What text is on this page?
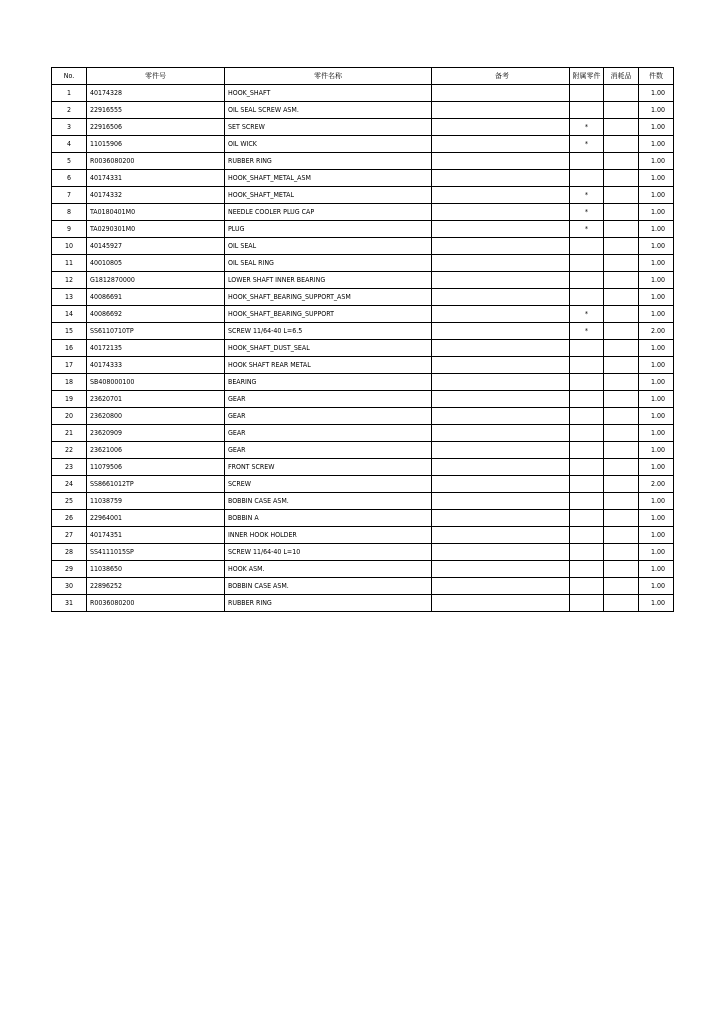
No.	零件号	零件名称	备考	附属零件	消耗品	件数
1	40174328	HOOK_SHAFT				1.00
2	22916555	OIL SEAL SCREW ASM.				1.00
3	22916506	SET SCREW		*		1.00
4	11015906	OIL WICK		*		1.00
5	R0036080200	RUBBER RING				1.00
6	40174331	HOOK_SHAFT_METAL_ASM				1.00
7	40174332	HOOK_SHAFT_METAL		*		1.00
8	TA0180401M0	NEEDLE COOLER PLUG CAP		*		1.00
9	TA0290301M0	PLUG		*		1.00
10	40145927	OIL SEAL				1.00
11	40010805	OIL SEAL RING				1.00
12	G1812870000	LOWER SHAFT INNER BEARING				1.00
13	40086691	HOOK_SHAFT_BEARING_SUPPORT_ASM				1.00
14	40086692	HOOK_SHAFT_BEARING_SUPPORT		*		1.00
15	SS6110710TP	SCREW 11/64-40 L=6.5		*		2.00
16	40172135	HOOK_SHAFT_DUST_SEAL				1.00
17	40174333	HOOK SHAFT REAR METAL				1.00
18	SB408000100	BEARING				1.00
19	23620701	GEAR				1.00
20	23620800	GEAR				1.00
21	23620909	GEAR				1.00
22	23621006	GEAR				1.00
23	11079506	FRONT SCREW				1.00
24	SS8661012TP	SCREW				2.00
25	11038759	BOBBIN CASE ASM.				1.00
26	22964001	BOBBIN A				1.00
27	40174351	INNER HOOK HOLDER				1.00
28	SS4111015SP	SCREW 11/64-40 L=10				1.00
29	11038650	HOOK ASM.				1.00
30	22896252	BOBBIN CASE ASM.				1.00
31	R0036080200	RUBBER RING				1.00
